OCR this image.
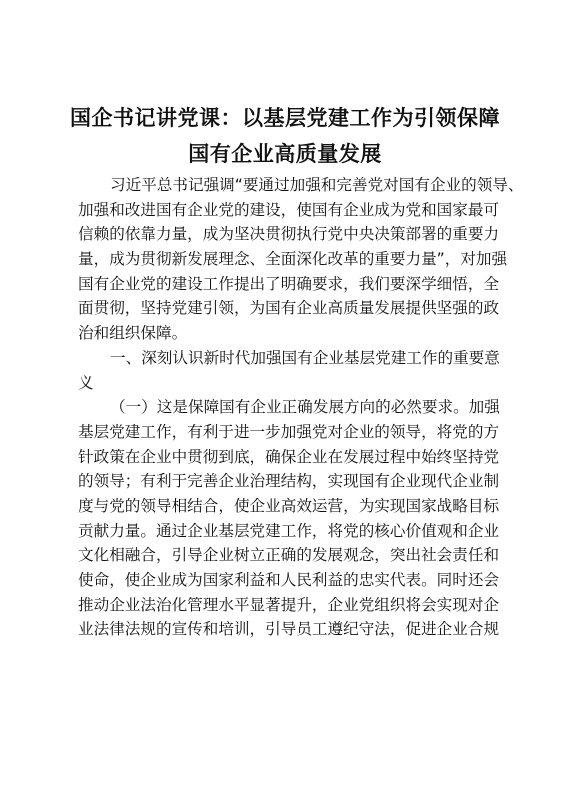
国企书记讲党课：以基层党建工作为引领保障
国有企业高质量发展
习近平总书记强调“要通过加强和完善党对国有企业的领导、
加强和改进国有企业党的建设，使国有企业成为党和国家最可
信赖的依靠力量，成为坚决贯彻执行党中央决策部署的重要力
量，成为贯彻新发展理念、全面深化改革的重要力量”，对加强
国有企业党的建设工作提出了明确要求，我们要深学细悟，全
面贯彻，坚持党建引领，为国有企业高质量发展提供坚强的政
治和组织保障。
一、深刻认识新时代加强国有企业基层党建工作的重要意
义
（一）这是保障国有企业正确发展方向的必然要求。加强
基层党建工作，有利于进一步加强党对企业的领导，将党的方
针政策在企业中贯彻到底，确保企业在发展过程中始终坚持党
的领导；有利于完善企业治理结构，实现国有企业现代企业制
度与党的领导相结合，使企业高效运营，为实现国家战略目标
贡献力量。通过企业基层党建工作，将党的核心价值观和企业
文化相融合，引导企业树立正确的发展观念，突出社会责任和
使命，使企业成为国家利益和人民利益的忠实代表。同时还会
推动企业法治化管理水平显著提升，企业党组织将会实现对企
业法律法规的宣传和培训，引导员工遵纪守法，促进企业合规
